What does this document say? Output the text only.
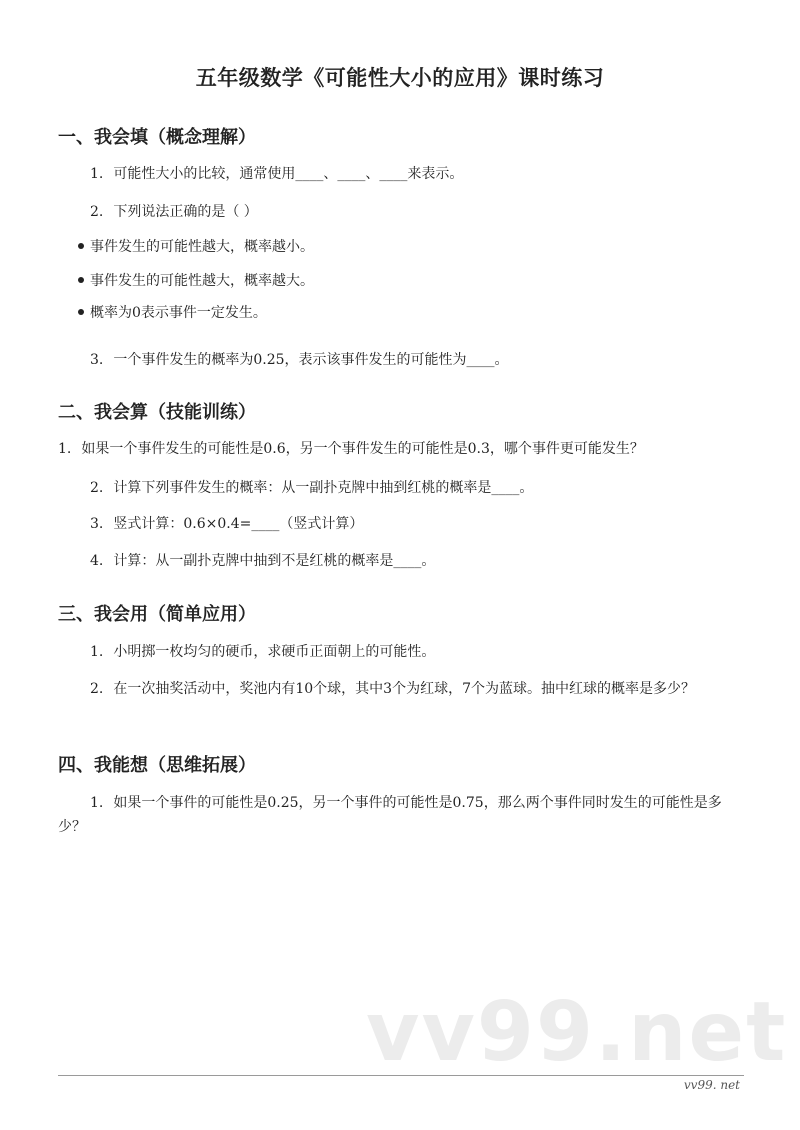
五年级数学《可能性大小的应用》课时练习
一、我会填（概念理解）
1. 可能性大小的比较，通常使用____、____、____来表示。
2. 下列说法正确的是（ ）
事件发生的可能性越大，概率越小。
事件发生的可能性越大，概率越大。
概率为0表示事件一定发生。
3. 一个事件发生的概率为0.25，表示该事件发生的可能性为____。
二、我会算（技能训练）
1. 如果一个事件发生的可能性是0.6，另一个事件发生的可能性是0.3，哪个事件更可能发生？
2. 计算下列事件发生的概率：从一副扑克牌中抽到红桃的概率是____。
3. 竖式计算：0.6×0.4=____（竖式计算）
4. 计算：从一副扑克牌中抽到不是红桃的概率是____。
三、我会用（简单应用）
1. 小明掷一枚均匀的硬币，求硬币正面朝上的可能性。
2. 在一次抽奖活动中，奖池内有10个球，其中3个为红球，7个为蓝球。抽中红球的概率是多少？
四、我能想（思维拓展）
1. 如果一个事件的可能性是0.25，另一个事件的可能性是0.75，那么两个事件同时发生的可能性是多少？
vv99.net
vv99. net
